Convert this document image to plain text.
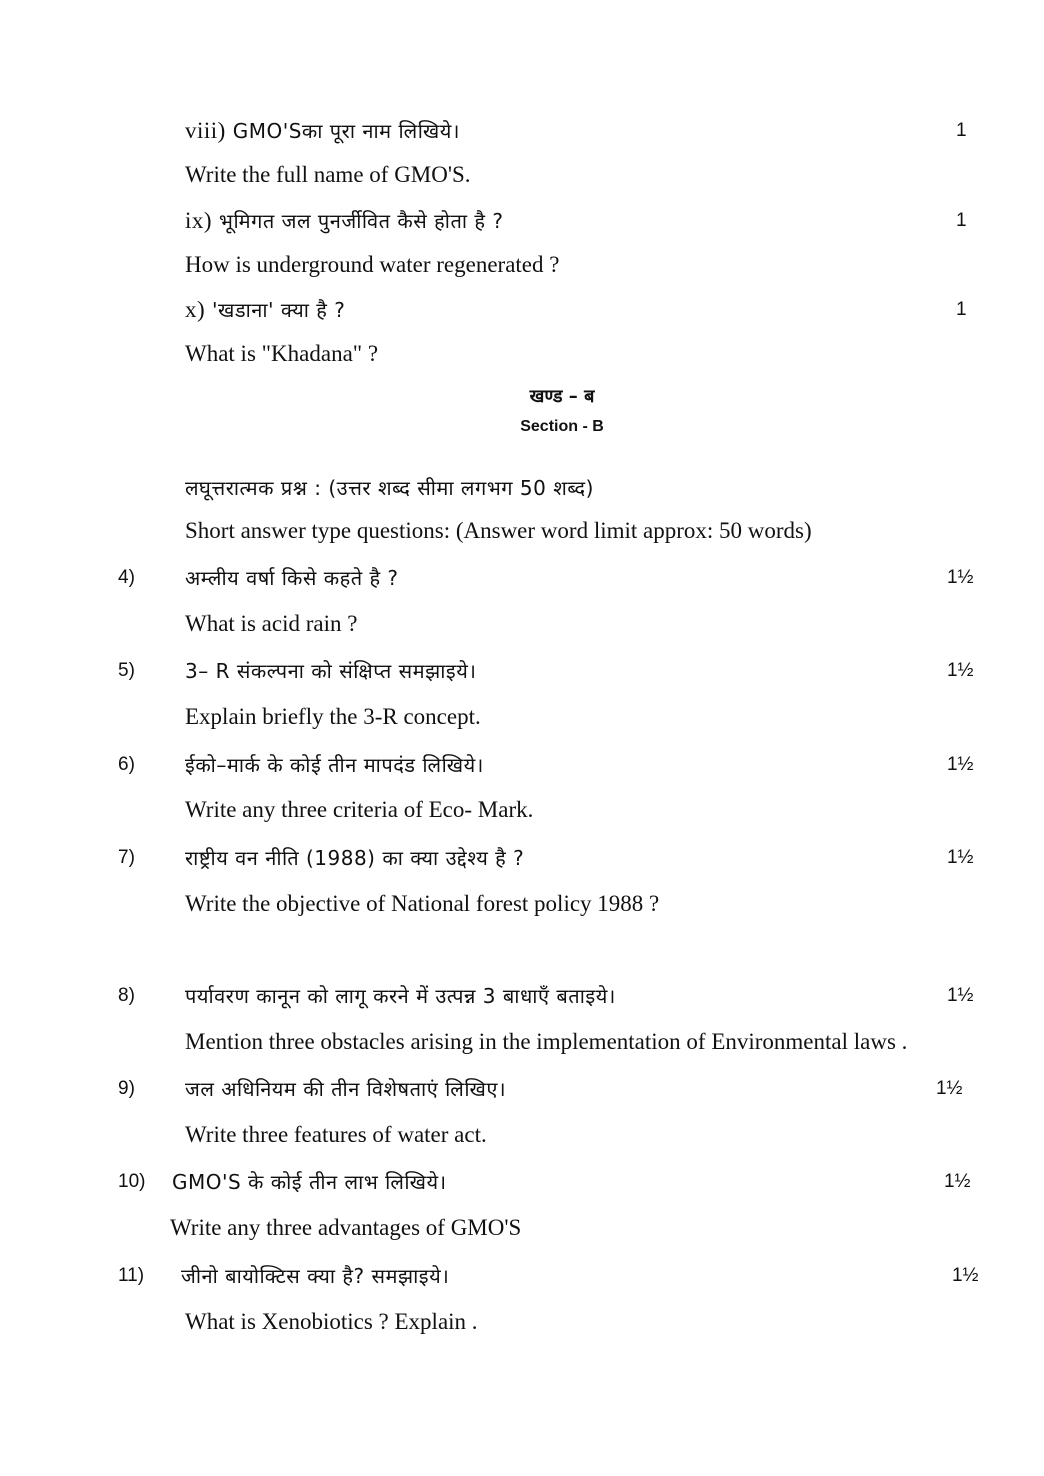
viii) GMO'Sका पूरा नाम लिखिये।	1
Write the full name of GMO'S.
ix) भूमिगत जल पुनर्जीवित कैसे होता है ?	1
How is underground water regenerated ?
x) 'खडाना' क्या है ?	1
What is "Khadana" ?
खण्ड – ब
Section - B
लघूत्तरात्मक प्रश्न : (उत्तर शब्द सीमा लगभग 50 शब्द)
Short answer type questions: (Answer word limit approx: 50 words)
4)	अम्लीय वर्षा किसे कहते है ?	1½
What is acid rain ?
5)	3– R संकल्पना को संक्षिप्त समझाइये।	1½
Explain briefly the 3-R concept.
6)	ईको–मार्क के कोई तीन मापदंड लिखिये।	1½
Write any three criteria of Eco- Mark.
7)	राष्ट्रीय वन नीति (1988) का क्या उद्देश्य है ?	1½
Write the objective of National forest policy 1988 ?
8)	पर्यावरण कानून को लागू करने में उत्पन्न 3 बाधाएँ बताइये।	1½
Mention three obstacles arising in the implementation of Environmental laws .
9)	जल अधिनियम की तीन विशेषताएं लिखिए।	1½
Write three features of water act.
10) GMO'S के कोई तीन लाभ लिखिये।	1½
Write any three advantages of GMO'S
11) जीनो बायोक्टिस क्या है? समझाइये।	1½
What is Xenobiotics ? Explain .
